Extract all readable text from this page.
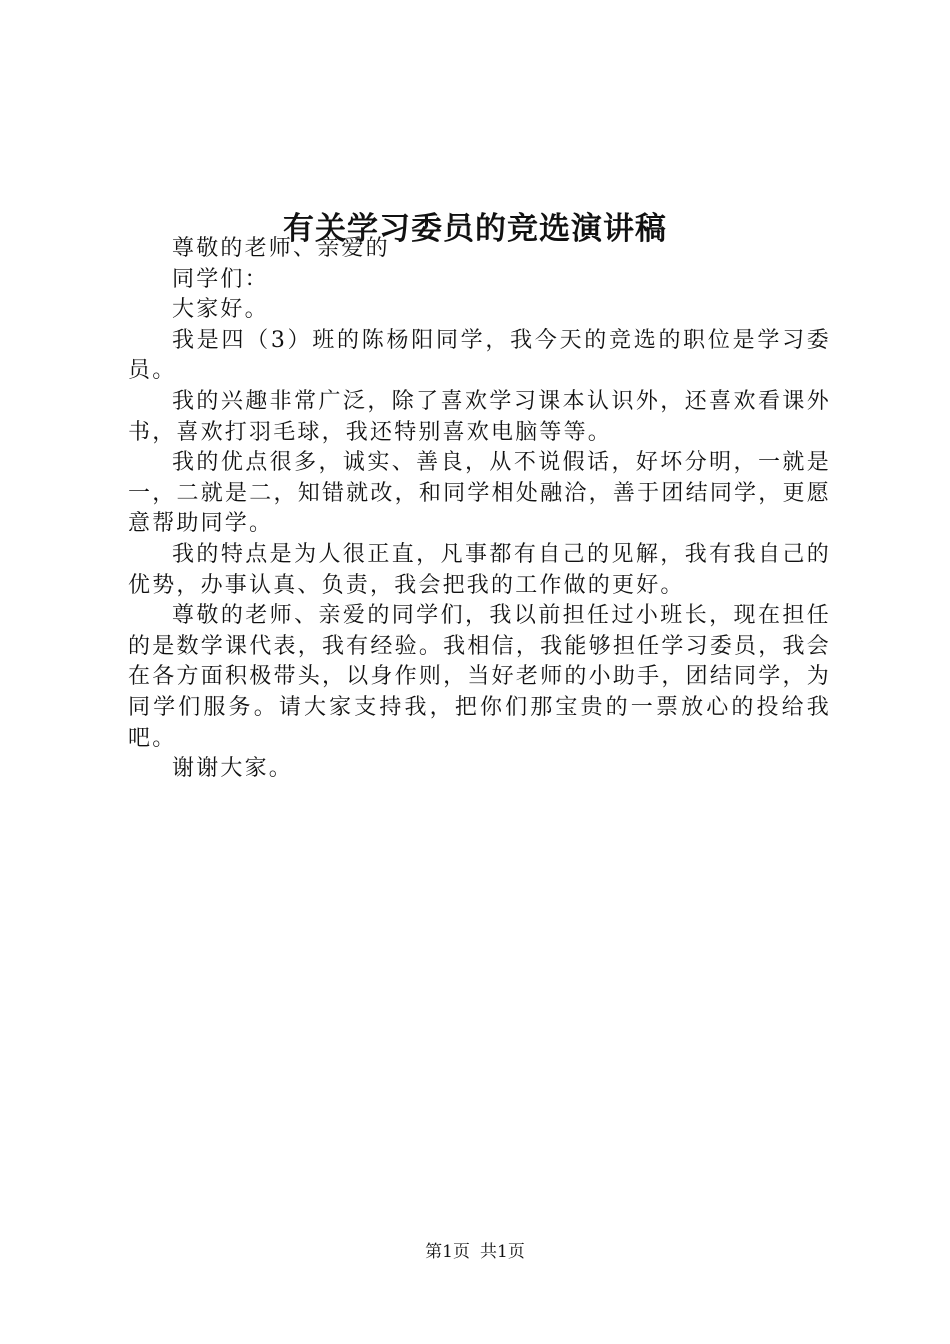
有关学习委员的竞选演讲稿

尊敬的老师、亲爱的

同学们：

大家好。

我是四（3）班的陈杨阳同学，我今天的竞选的职位是学习委员。

我的兴趣非常广泛，除了喜欢学习课本认识外，还喜欢看课外书，喜欢打羽毛球，我还特别喜欢电脑等等。

我的优点很多，诚实、善良，从不说假话，好坏分明，一就是一，二就是二，知错就改，和同学相处融洽，善于团结同学，更愿意帮助同学。

我的特点是为人很正直，凡事都有自己的见解，我有我自己的优势，办事认真、负责，我会把我的工作做的更好。

尊敬的老师、亲爱的同学们，我以前担任过小班长，现在担任的是数学课代表，我有经验。我相信，我能够担任学习委员，我会在各方面积极带头，以身作则，当好老师的小助手，团结同学，为同学们服务。请大家支持我，把你们那宝贵的一票放心的投给我吧。

谢谢大家。

第1页 共1页
